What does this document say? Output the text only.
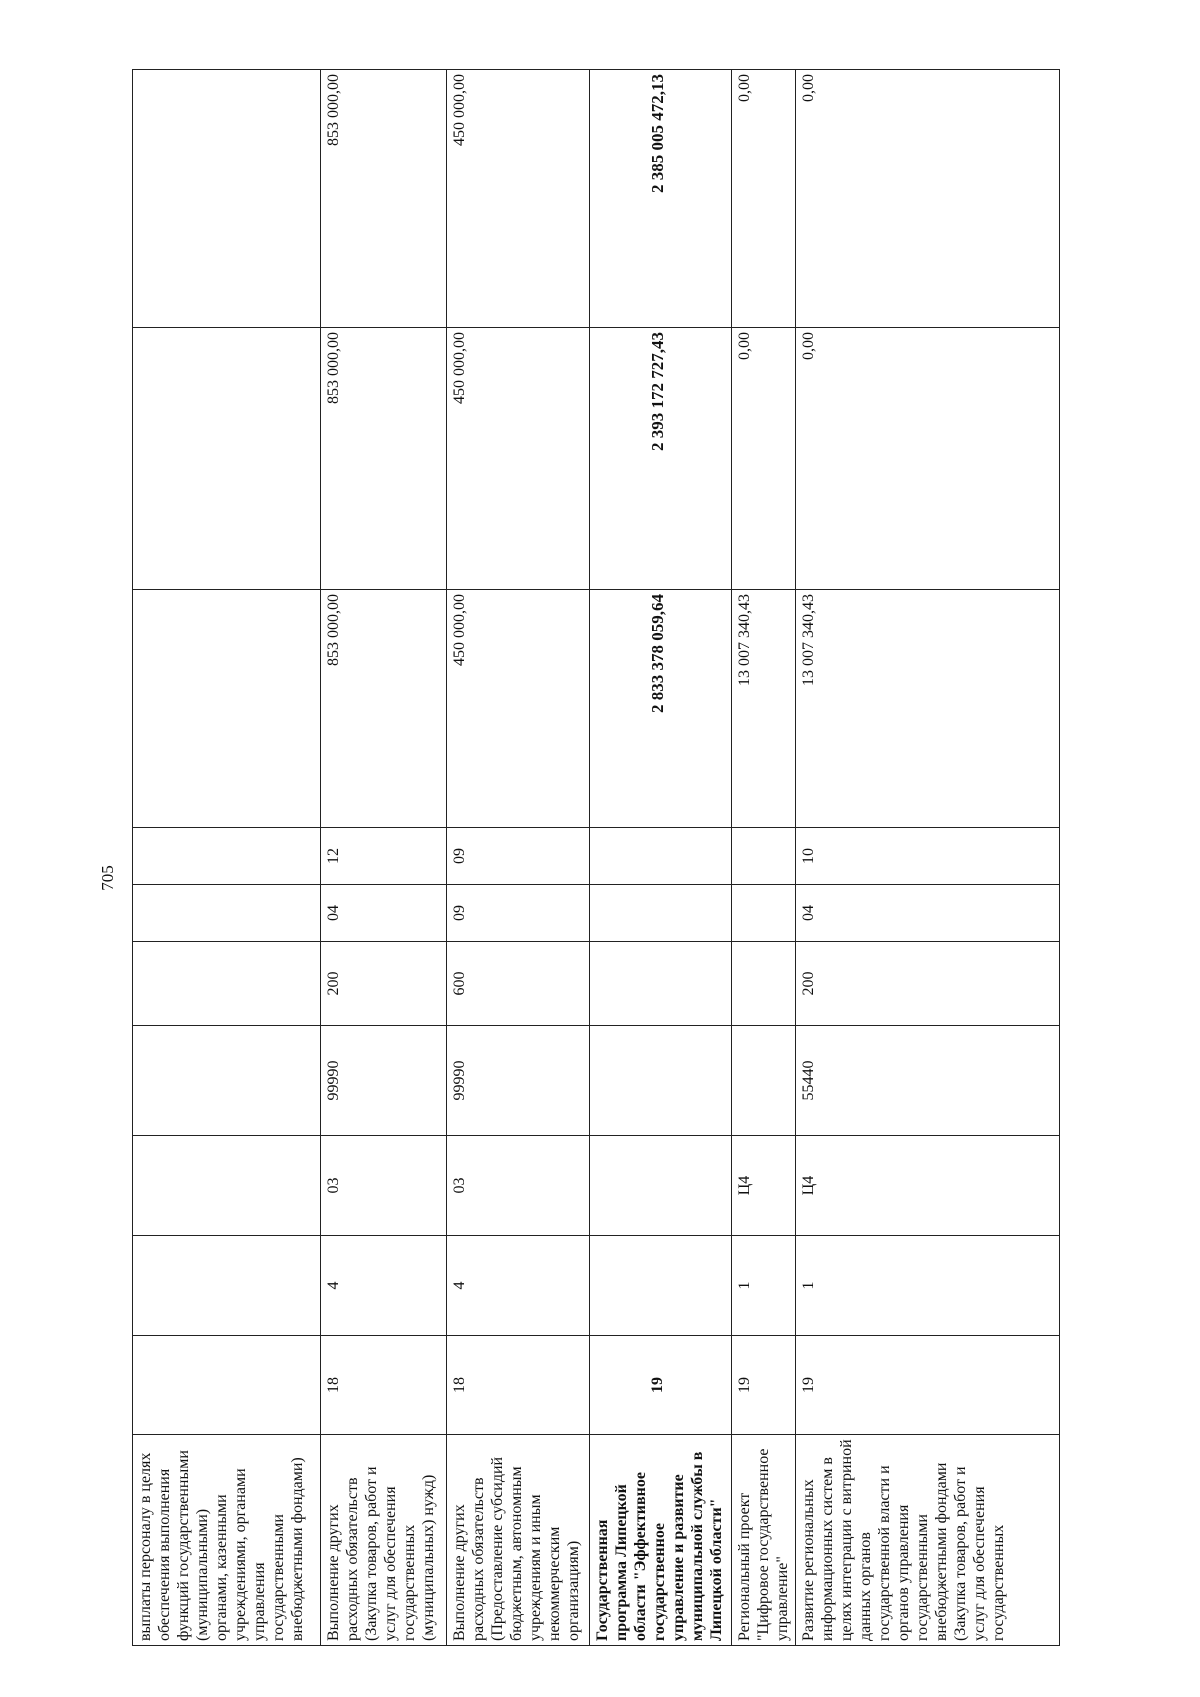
705
выплаты персоналу в целях обеспечения выполнения функций государственными (муниципальными) органами, казенными учреждениями, органами управления государственными внебюджетными фондами)										
Выполнение других расходных обязательств (Закупка товаров, работ и услуг для обеспечения государственных (муниципальных) нужд)	18	4	03	99990	200	04	12	853 000,00	853 000,00	853 000,00
Выполнение других расходных обязательств (Предоставление субсидий бюджетным, автономным учреждениям и иным некоммерческим организациям)	18	4	03	99990	600	09	09	450 000,00	450 000,00	450 000,00
Государственная программа Липецкой области "Эффективное государственное управление и развитие муниципальной службы в Липецкой области"	19							2 833 378 059,64	2 393 172 727,43	2 385 005 472,13
Региональный проект "Цифровое государственное управление"	19	1	Ц4					13 007 340,43	0,00	0,00
Развитие региональных информационных систем в целях интеграции с витриной данных органов государственной власти и органов управления государственными внебюджетными фондами (Закупка товаров, работ и услуг для обеспечения государственных	19	1	Ц4	55440	200	04	10	13 007 340,43	0,00	0,00
